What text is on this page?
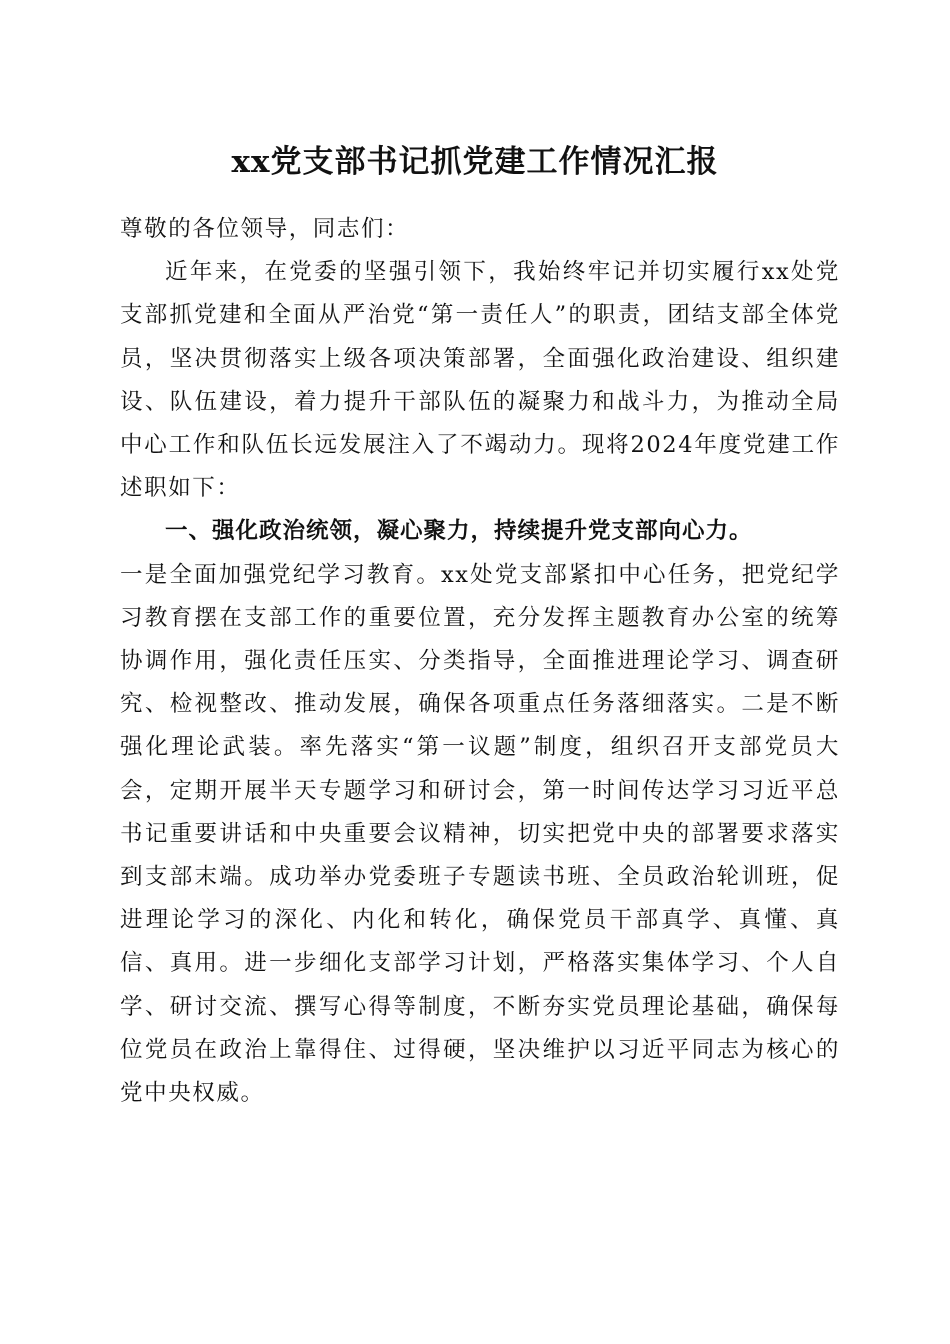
xx党支部书记抓党建工作情况汇报

尊敬的各位领导，同志们：

近年来，在党委的坚强引领下，我始终牢记并切实履行xx处党支部抓党建和全面从严治党“第一责任人”的职责，团结支部全体党员，坚决贯彻落实上级各项决策部署，全面强化政治建设、组织建设、队伍建设，着力提升干部队伍的凝聚力和战斗力，为推动全局中心工作和队伍长远发展注入了不竭动力。现将2024年度党建工作述职如下：

一、强化政治统领，凝心聚力，持续提升党支部向心力。

一是全面加强党纪学习教育。xx处党支部紧扣中心任务，把党纪学习教育摆在支部工作的重要位置，充分发挥主题教育办公室的统筹协调作用，强化责任压实、分类指导，全面推进理论学习、调查研究、检视整改、推动发展，确保各项重点任务落细落实。二是不断强化理论武装。率先落实“第一议题”制度，组织召开支部党员大会，定期开展半天专题学习和研讨会，第一时间传达学习习近平总书记重要讲话和中央重要会议精神，切实把党中央的部署要求落实到支部末端。成功举办党委班子专题读书班、全员政治轮训班，促进理论学习的深化、内化和转化，确保党员干部真学、真懂、真信、真用。进一步细化支部学习计划，严格落实集体学习、个人自学、研讨交流、撰写心得等制度，不断夯实党员理论基础，确保每位党员在政治上靠得住、过得硬，坚决维护以习近平同志为核心的党中央权威。
